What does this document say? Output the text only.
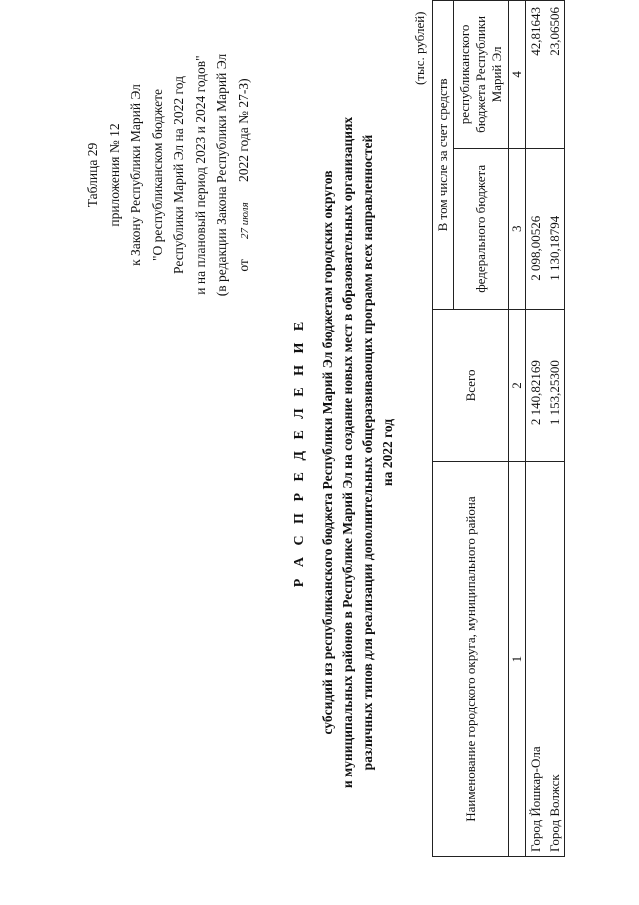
Таблица 29 приложения № 12 к Закону Республики Марий Эл "О республиканском бюджете Республики Марий Эл на 2022 год и на плановый период 2023 и 2024 годов" (в редакции Закона Республики Марий Эл от      27 июля      2022 года № 27-З)
Р А С П Р Е Д Е Л Е Н И Е субсидий из республиканского бюджета Республики Марий Эл бюджетам городских округов и муниципальных районов в Республике Марий Эл на создание новых мест в образовательных организациях различных типов для реализации дополнительных общеразвивающих программ всех направленностей на 2022 год
(тыс. рублей)
Наименование городского округа, муниципального района	Всего	В том числе за счет средств	
		федерального бюджета	республиканского бюджета Республики Марий Эл
1	2	3	4
Город Йошкар-Ола	2 140,82169	2 098,00526	42,81643
Город Волжск	1 153,25300	1 130,18794	23,06506
